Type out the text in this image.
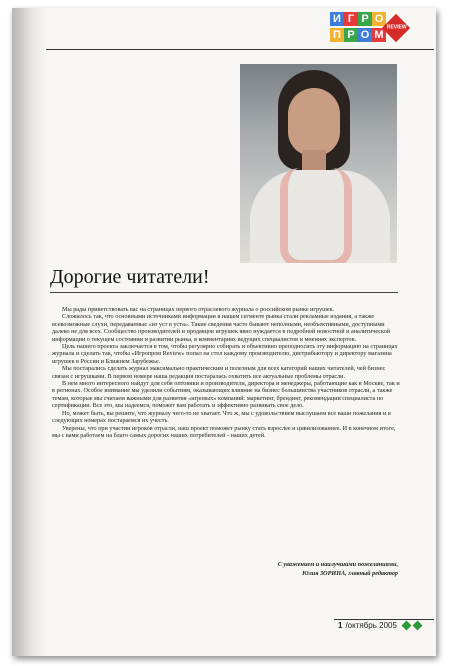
И Г Р О
П Р О М
REVIEW
Дорогие читатели!

Мы рады приветствовать вас на страницах первого отраслевого журнала о российском рынке игрушек.

Сложилось так, что основными источниками информации в нашем сегменте рынка стали рекламные издания, а также всевозможные слухи, передаваемые «из уст в уста». Такие сведения часто бывают неполными, необъективными, доступными далеко не для всех. Сообщество производителей и продавцов игрушек явно нуждается в подробной новостной и аналитической информации о текущем состоянии и развитии рынка, в комментариях ведущих специалистов и мнениях экспертов.

Цель нашего проекта заключается в том, чтобы регулярно собирать и объективно преподносить эту информацию на страницах журнала и сделать так, чтобы «Игропром Review» попал на стол каждому производителю, дистрибьютору и директору магазина игрушек в России и Ближнем Зарубежье.

Мы постарались сделать журнал максимально практическим и полезным для всех категорий наших читателей, чей бизнес связан с игрушками. В первом номере наша редакция постаралась охватить все актуальные проблемы отрасли.

В нем много интересного найдут для себя оптовики и производители, директора и менеджеры, работающие как в Москве, так и в регионах. Особое внимание мы уделили событиям, оказывающих влияние на бизнес большинства участников отрасли, а также темам, которые мы считаем важными для развития «игровых» компаний: маркетинг, брендинг, рекомендации специалиста по сертификации. Все это, мы надеемся, поможет вам работать и эффективно развивать свое дело.

Но, может быть, вы решите, что журналу чего-то не хватает. Что ж, мы с удовольствием выслушаем все ваши пожелания и в следующих номерах постараемся их учесть.

Уверены, что при участии игроков отрасли, наш проект поможет рынку стать взрослее и цивилизованнее. И в конечном итоге, мы с вами работаем на благо самых дорогих наших потребителей - наших детей.

С уважением и наилучшими пожеланиями,
Юлия ЗОРИНА, главный редактор
1 /октябрь 2005
